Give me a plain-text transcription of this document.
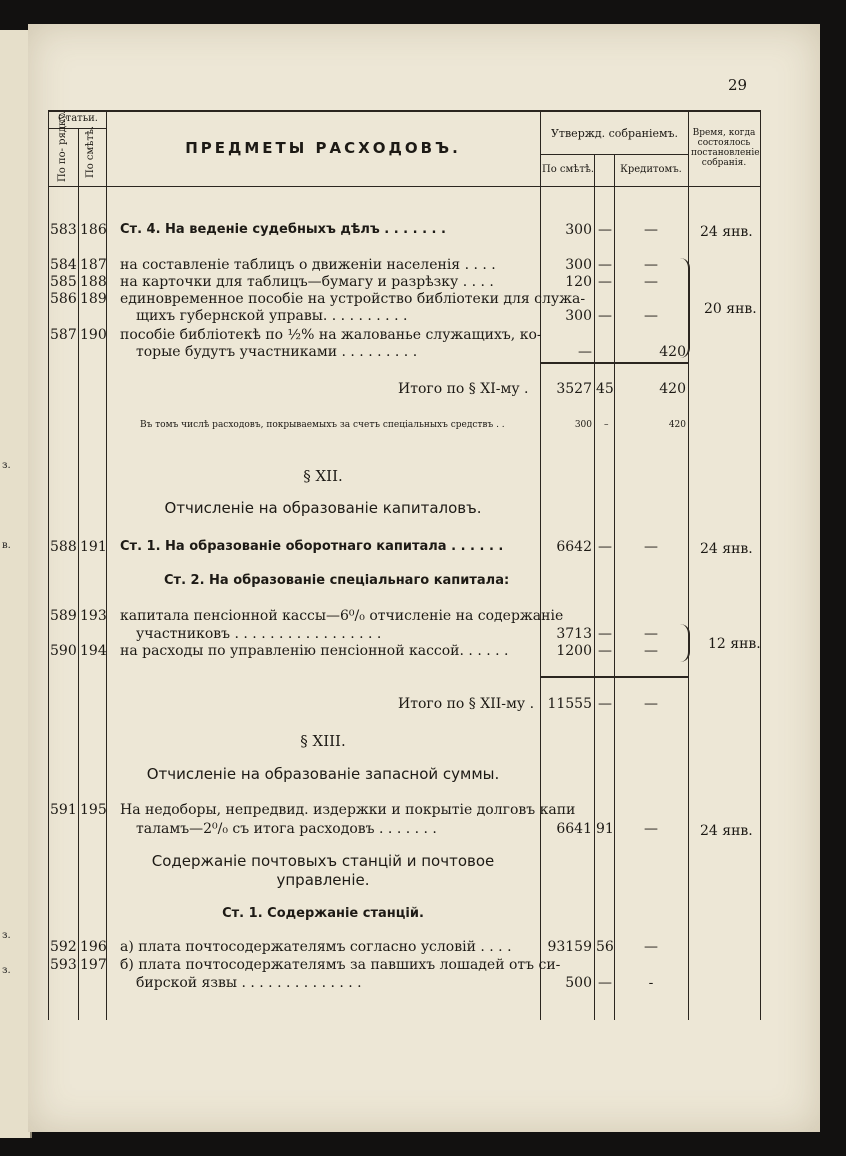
з.
в.
з.
з.
29
Статьи.
По по- рядку. По смѣтѣ.	ПРЕДМЕТЫ РАСХОДОВЪ.
Утвержд. собраніемъ.
По смѣтѣ.	Кредитомъ.
Время, когда состоялось постановленіе собранія.
583 186 Ст. 4. На веденіе судебныхъ дѣлъ . . . . . . .	300 —	—	24 янв.
584 187 на составленіе таблицъ о движеніи населенія . . . .	300 —	—
585 188 на карточки для таблицъ—бумагу и разрѣзку . . . .	120 —	—
586 189 единовременное пособіе на устройство библіотеки для служа-
щихъ губернской управы. . . . . . . . . .	300 —	—
587 190 пособіе библіотекѣ по ½% на жалованье служащихъ, ко-
торые будутъ участниками . . . . . . . . .	—	420
20 янв.
Итого по § XI-му .	3527 45	420
Въ томъ числѣ расходовъ, покрываемыхъ за счетъ спеціальныхъ средствъ . .	300 –	420
§ XII.
Отчисленіе на образованіе капиталовъ.
588 191 Ст. 1. На образованіе оборотнаго капитала . . . . . .	6642 —	—	24 янв.
Ст. 2. На образованіе спеціальнаго капитала:
589 193 капитала пенсіонной кассы—6⁰/₀ отчисленіе на содержаніе
участниковъ . . . . . . . . . . . . . . . . .	3713 —	—
590 194 на расходы по управленію пенсіонной кассой. . . . . .	1200 —	—	12 янв.
Итого по § XII-му . 11555 —	—
§ XIII.
Отчисленіе на образованіе запасной суммы.
591 195 На недоборы, непредвид. издержки и покрытіе долговъ капи
таламъ—2⁰/₀ съ итога расходовъ . . . . . . .	6641 91	—	24 янв.
Содержаніе почтовыхъ станцій и почтовое
управленіе.
Ст. 1. Содержаніе станцій.
592 196 а) плата почтосодержателямъ согласно условій . . . .	93159 56	—
593 197 б) плата почтосодержателямъ за павшихъ лошадей отъ си-
бирской язвы . . . . . . . . . . . . . .	500 —	-
